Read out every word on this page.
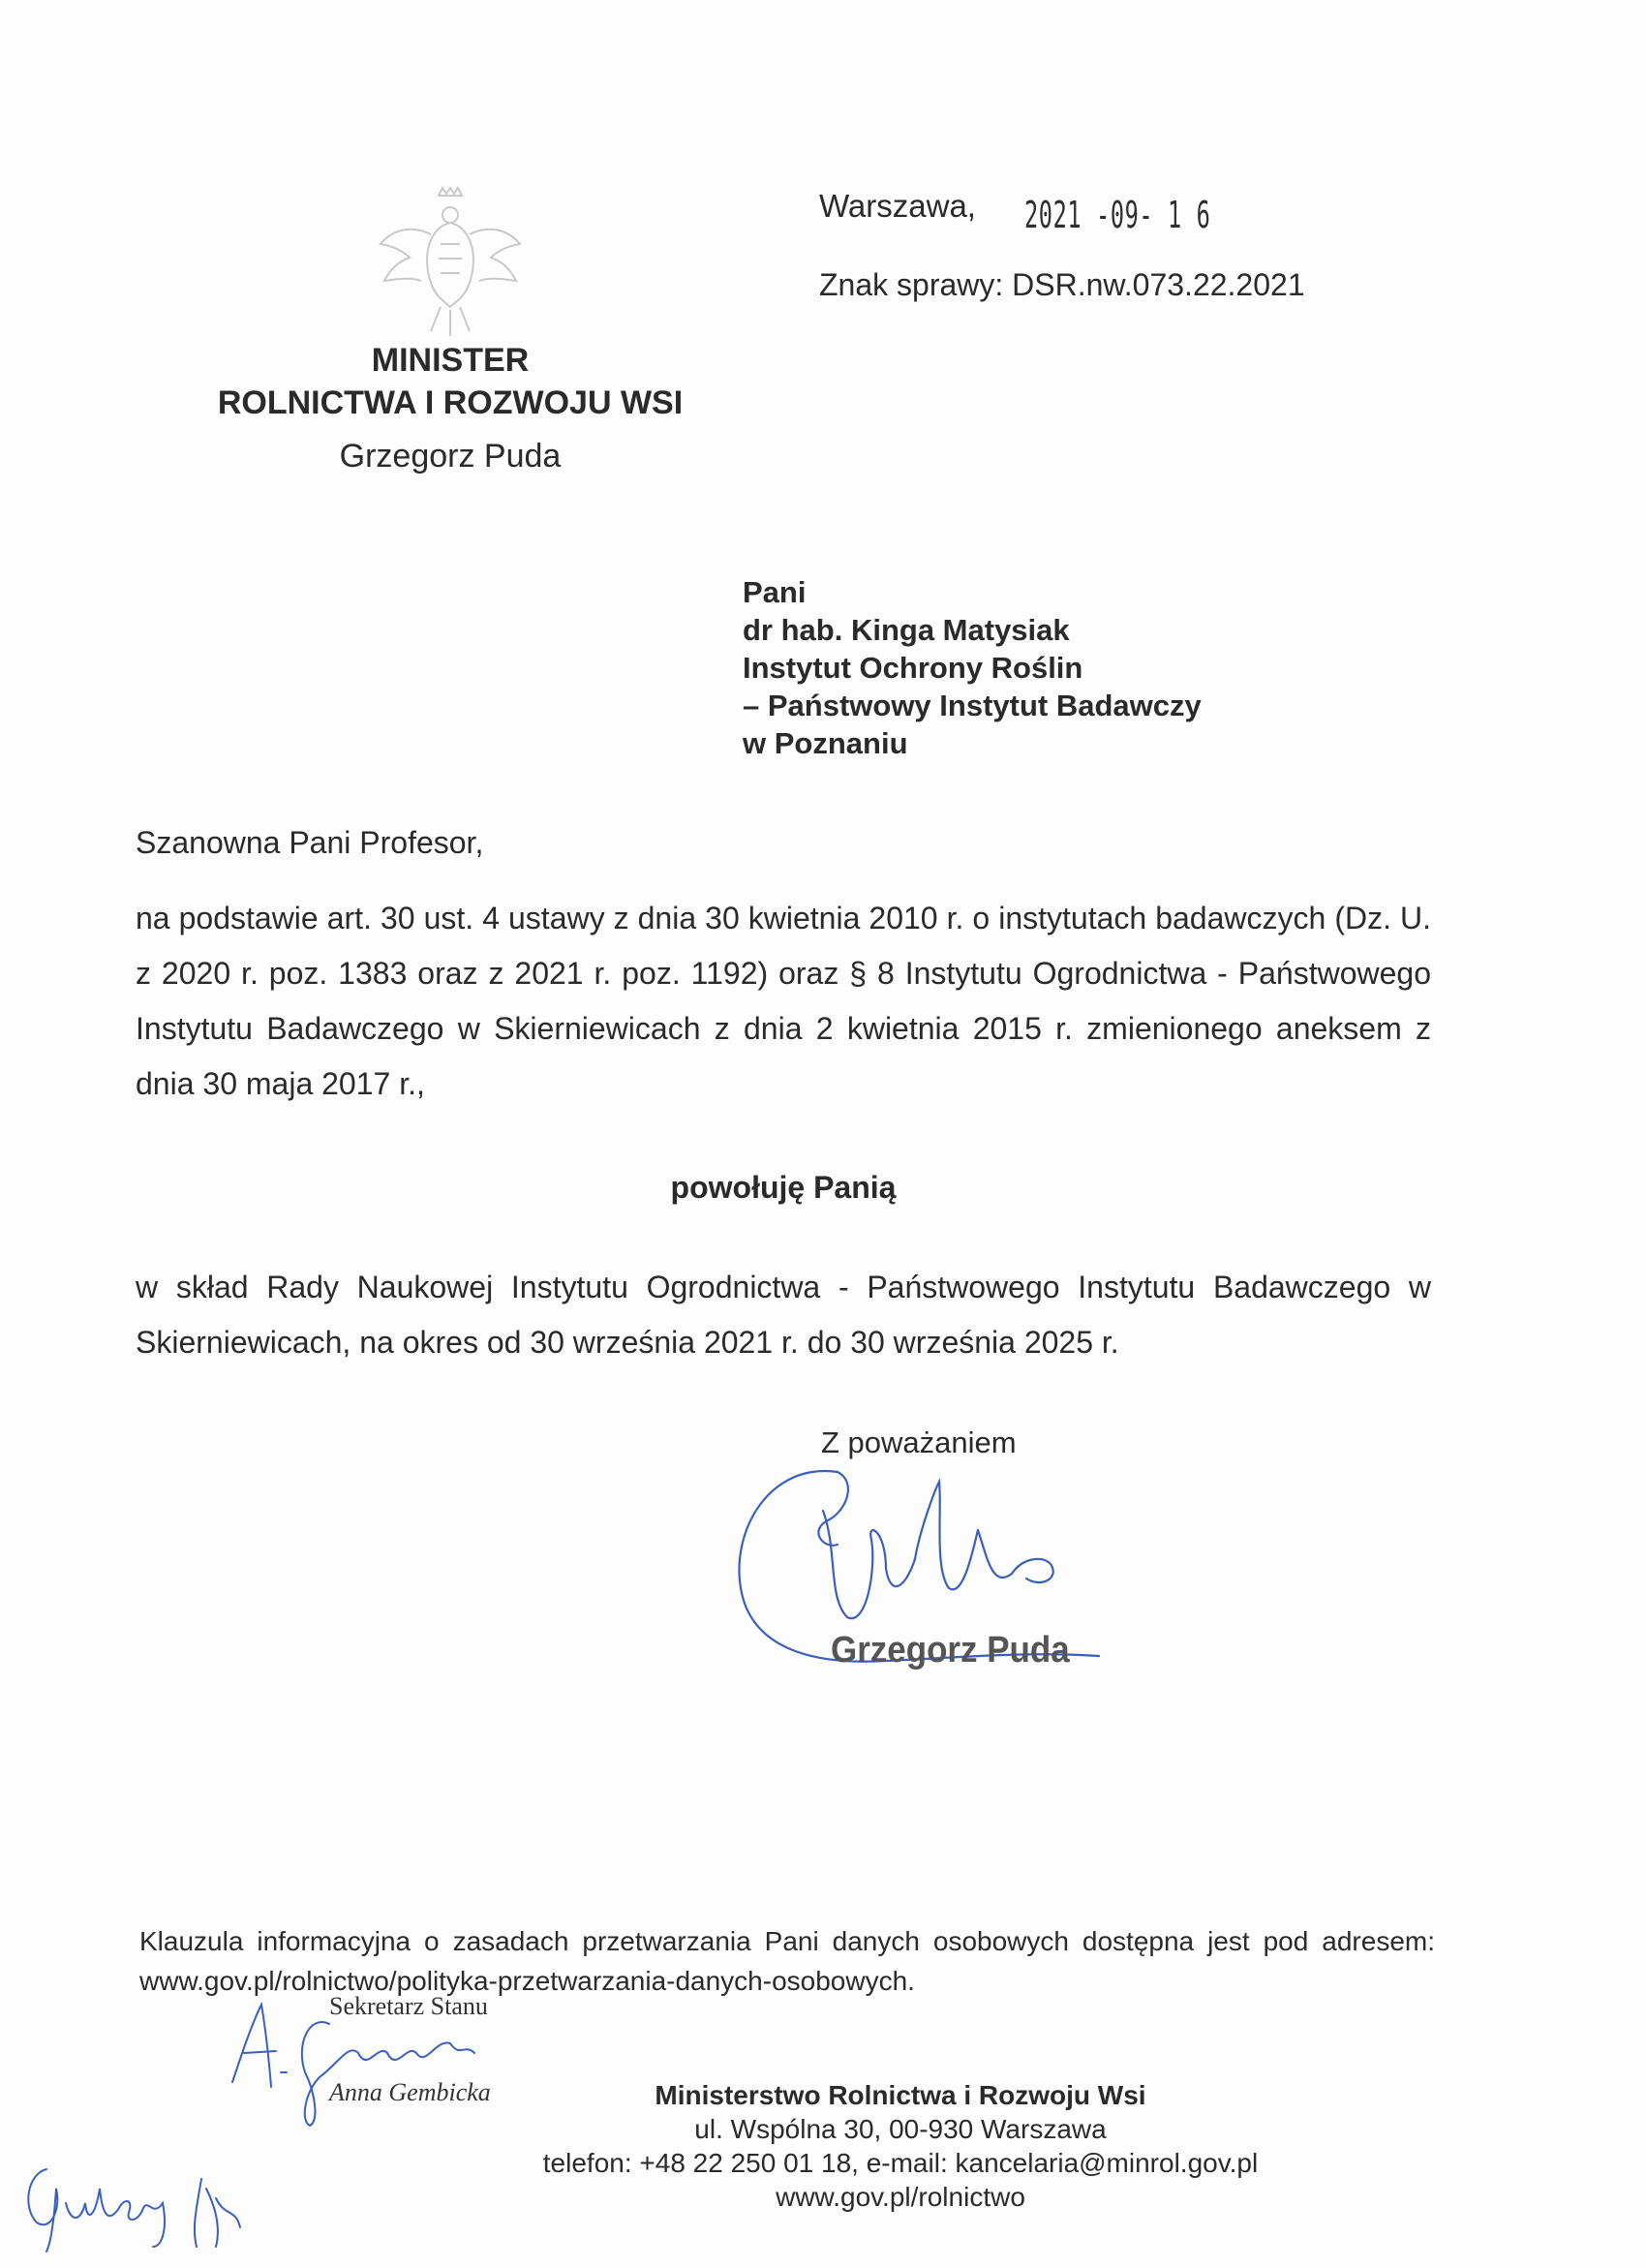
MINISTER
ROLNICTWA I ROZWOJU WSI
Grzegorz Puda
Warszawa, 2021 -09- 1 6
Znak sprawy: DSR.nw.073.22.2021
Pani
dr hab. Kinga Matysiak
Instytut Ochrony Roślin
– Państwowy Instytut Badawczy
w Poznaniu
Szanowna Pani Profesor,
na podstawie art. 30 ust. 4 ustawy z dnia 30 kwietnia 2010 r. o instytutach badawczych (Dz. U. z 2020 r. poz. 1383 oraz z 2021 r. poz. 1192) oraz § 8 Instytutu Ogrodnictwa - Państwowego Instytutu Badawczego w Skierniewicach z dnia 2 kwietnia 2015 r. zmienionego aneksem z dnia 30 maja 2017 r.,
powołuję Panią
w skład Rady Naukowej Instytutu Ogrodnictwa - Państwowego Instytutu Badawczego w Skierniewicach, na okres od 30 września 2021 r. do 30 września 2025 r.
Z poważaniem
Grzegorz Puda
Klauzula informacyjna o zasadach przetwarzania Pani danych osobowych dostępna jest pod adresem: www.gov.pl/rolnictwo/polityka-przetwarzania-danych-osobowych.
Sekretarz Stanu
Anna Gembicka	Ministerstwo Rolnictwa i Rozwoju Wsi
ul. Wspólna 30, 00-930 Warszawa
telefon: +48 22 250 01 18, e-mail: kancelaria@minrol.gov.pl
www.gov.pl/rolnictwo
